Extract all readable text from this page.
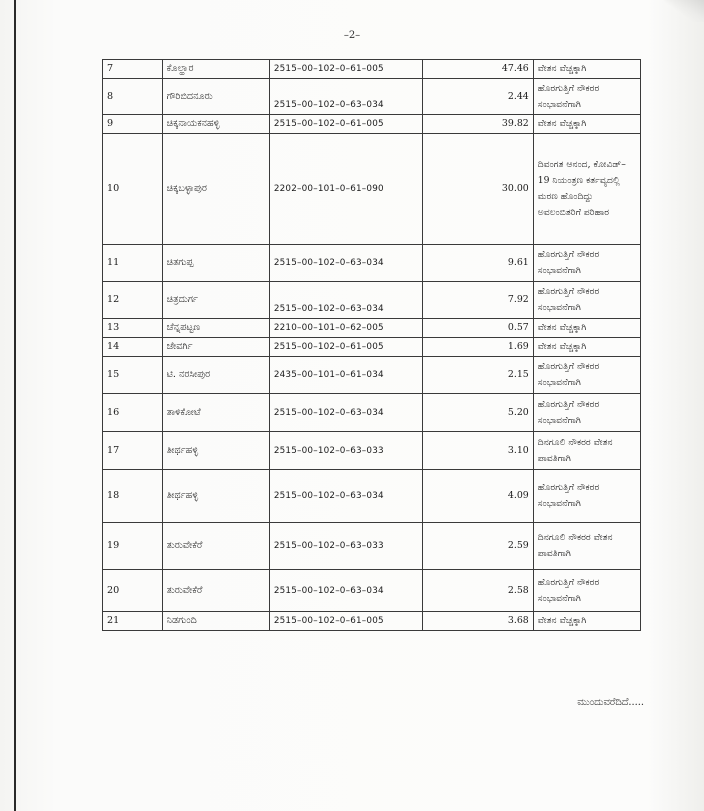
–2–
7	ಕೊಲ್ಹಾರ	2515–00–102–0–61–005	47.46	ವೇತನ ವೆಚ್ಚಕ್ಕಾಗಿ
8	ಗೌರಿಬಿದನೂರು	2515–00–102–0–63–034	2.44	ಹೊರಗುತ್ತಿಗೆ ನೌಕರರ ಸಂಭಾವನೆಗಾಗಿ
9	ಚಿಕ್ಕನಾಯಕನಹಳ್ಳಿ	2515–00–102–0–61–005	39.82	ವೇತನ ವೆಚ್ಚಕ್ಕಾಗಿ
10	ಚಿಕ್ಕಬಳ್ಳಾಪುರ	2202–00–101–0–61–090	30.00	ದಿವಂಗತ ಆನಂದ, ಕೋವಿಡ್–19 ನಿಯಂತ್ರಣ ಕರ್ತವ್ಯದಲ್ಲಿ ಮರಣ ಹೊಂದಿದ್ದು ಅವಲಂಬಿತರಿಗೆ ಪರಿಹಾರ
11	ಚಿತಗುಪ್ಪ	2515–00–102–0–63–034	9.61	ಹೊರಗುತ್ತಿಗೆ ನೌಕರರ ಸಂಭಾವನೆಗಾಗಿ
12	ಚಿತ್ರದುರ್ಗ	2515–00–102–0–63–034	7.92	ಹೊರಗುತ್ತಿಗೆ ನೌಕರರ ಸಂಭಾವನೆಗಾಗಿ
13	ಚೆನ್ನಪಟ್ಟಣ	2210–00–101–0–62–005	0.57	ವೇತನ ವೆಚ್ಚಕ್ಕಾಗಿ
14	ಜೇವರ್ಗಿ	2515–00–102–0–61–005	1.69	ವೇತನ ವೆಚ್ಚಕ್ಕಾಗಿ
15	ಟಿ. ನರಸೀಪುರ	2435–00–101–0–61–034	2.15	ಹೊರಗುತ್ತಿಗೆ ನೌಕರರ ಸಂಭಾವನೆಗಾಗಿ
16	ತಾಳಿಕೋಟೆ	2515–00–102–0–63–034	5.20	ಹೊರಗುತ್ತಿಗೆ ನೌಕರರ ಸಂಭಾವನೆಗಾಗಿ
17	ತೀರ್ಥಹಳ್ಳಿ	2515–00–102–0–63–033	3.10	ದಿನಗೂಲಿ ನೌಕರರ ವೇತನ ಪಾವತಿಗಾಗಿ
18	ತೀರ್ಥಹಳ್ಳಿ	2515–00–102–0–63–034	4.09	ಹೊರಗುತ್ತಿಗೆ ನೌಕರರ ಸಂಭಾವನೆಗಾಗಿ
19	ತುರುವೇಕೆರೆ	2515–00–102–0–63–033	2.59	ದಿನಗೂಲಿ ನೌಕರರ ವೇತನ ಪಾವತಿಗಾಗಿ
20	ತುರುವೇಕೆರೆ	2515–00–102–0–63–034	2.58	ಹೊರಗುತ್ತಿಗೆ ನೌಕರರ ಸಂಭಾವನೆಗಾಗಿ
21	ನಿಡಗುಂದಿ	2515–00–102–0–61–005	3.68	ವೇತನ ವೆಚ್ಚಕ್ಕಾಗಿ
ಮುಂದುವರೆದಿದೆ.....
